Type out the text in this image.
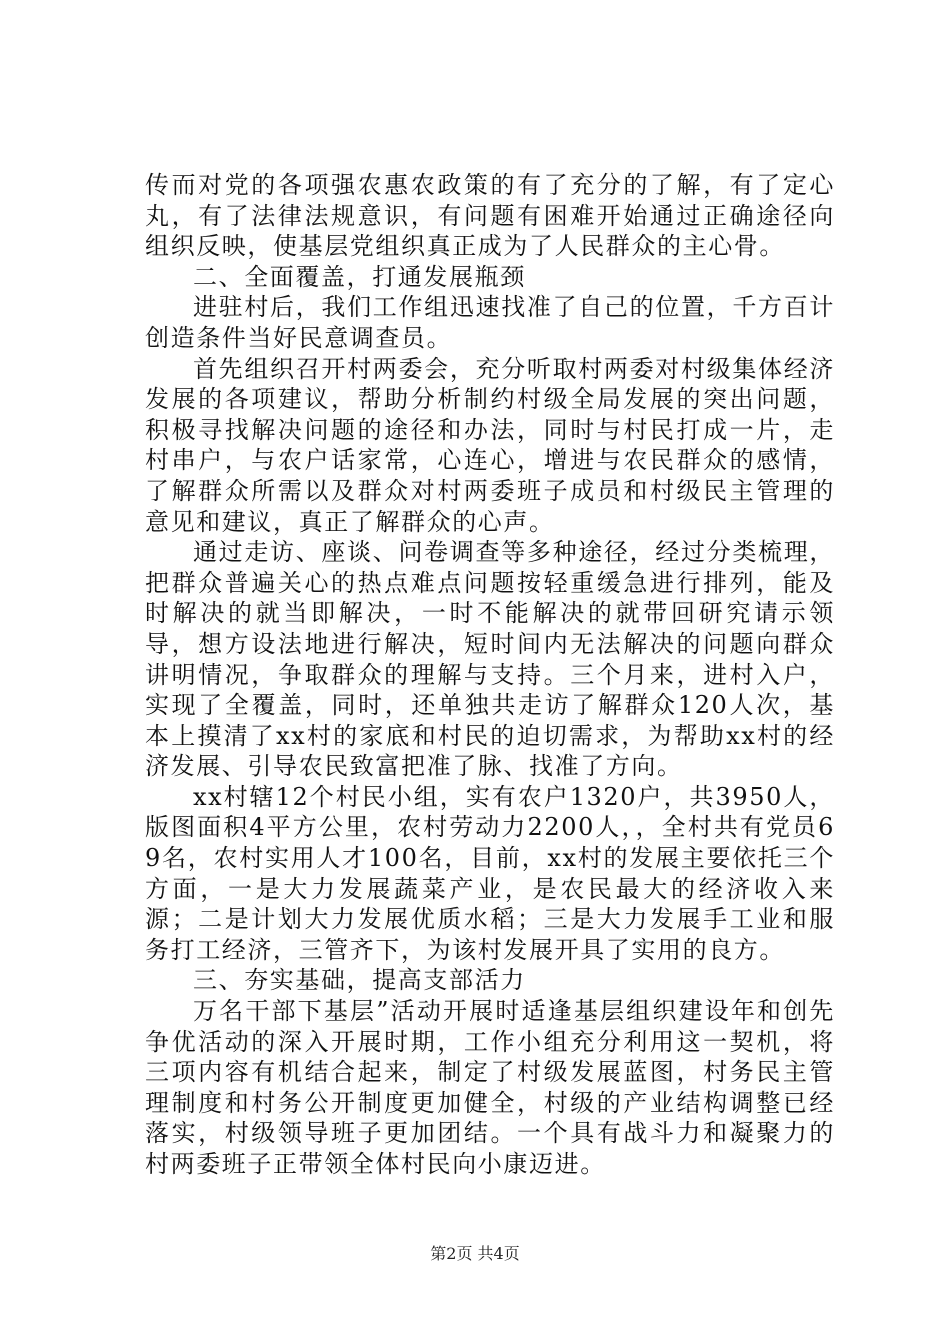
传而对党的各项强农惠农政策的有了充分的了解，有了定心丸，有了法律法规意识，有问题有困难开始通过正确途径向组织反映，使基层党组织真正成为了人民群众的主心骨。

二、全面覆盖，打通发展瓶颈

进驻村后，我们工作组迅速找准了自己的位置，千方百计创造条件当好民意调查员。

首先组织召开村两委会，充分听取村两委对村级集体经济发展的各项建议，帮助分析制约村级全局发展的突出问题，积极寻找解决问题的途径和办法，同时与村民打成一片，走村串户，与农户话家常，心连心，增进与农民群众的感情，了解群众所需以及群众对村两委班子成员和村级民主管理的意见和建议，真正了解群众的心声。

通过走访、座谈、问卷调查等多种途径，经过分类梳理，把群众普遍关心的热点难点问题按轻重缓急进行排列，能及时解决的就当即解决，一时不能解决的就带回研究请示领导，想方设法地进行解决，短时间内无法解决的问题向群众讲明情况，争取群众的理解与支持。三个月来，进村入户，实现了全覆盖，同时，还单独共走访了解群众120人次，基本上摸清了xx村的家底和村民的迫切需求，为帮助xx村的经济发展、引导农民致富把准了脉、找准了方向。

xx村辖12个村民小组，实有农户1320户，共3950人，版图面积4平方公里，农村劳动力2200人，，全村共有党员69名，农村实用人才100名，目前，xx村的发展主要依托三个方面，一是大力发展蔬菜产业，是农民最大的经济收入来源；二是计划大力发展优质水稻；三是大力发展手工业和服务打工经济，三管齐下，为该村发展开具了实用的良方。

三、夯实基础，提高支部活力

万名干部下基层”活动开展时适逢基层组织建设年和创先争优活动的深入开展时期，工作小组充分利用这一契机，将三项内容有机结合起来，制定了村级发展蓝图，村务民主管理制度和村务公开制度更加健全，村级的产业结构调整已经落实，村级领导班子更加团结。一个具有战斗力和凝聚力的村两委班子正带领全体村民向小康迈进。

第2页 共4页
